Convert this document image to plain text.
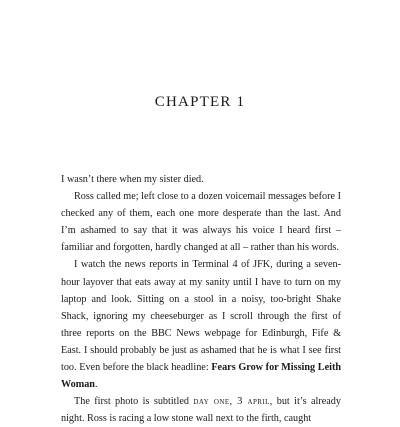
CHAPTER 1

I wasn’t there when my sister died.

Ross called me; left close to a dozen voicemail messages before I checked any of them, each one more desperate than the last. And I’m ashamed to say that it was always his voice I heard first – familiar and forgotten, hardly changed at all – rather than his words.

I watch the news reports in Terminal 4 of JFK, during a seven-hour layover that eats away at my sanity until I have to turn on my laptop and look. Sitting on a stool in a noisy, too-bright Shake Shack, ignoring my cheeseburger as I scroll through the first of three reports on the BBC News webpage for Edinburgh, Fife & East. I should probably be just as ashamed that he is what I see first too. Even before the black headline: Fears Grow for Missing Leith Woman.

The first photo is subtitled day one, 3 april, but it’s already night. Ross is racing a low stone wall next to the firth, caught
